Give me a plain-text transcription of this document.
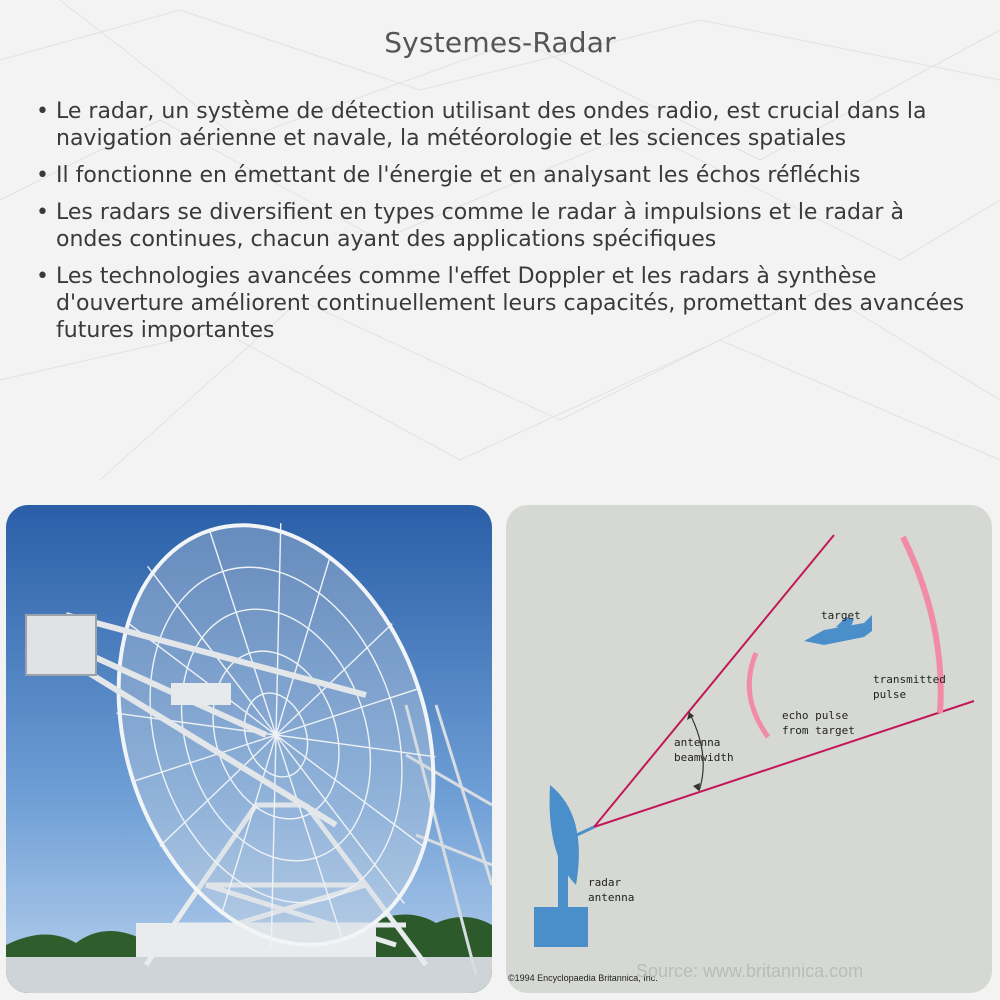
Systemes-Radar
• Le radar, un système de détection utilisant des ondes radio, est crucial dans la navigation aérienne et navale, la météorologie et les sciences spatiales
• Il fonctionne en émettant de l'énergie et en analysant les échos réfléchis
• Les radars se diversifient en types comme le radar à impulsions et le radar à ondes continues, chacun ayant des applications spécifiques
• Les technologies avancées comme l'effet Doppler et les radars à synthèse d'ouverture améliorent continuellement leurs capacités, promettant des avancées futures importantes
target
transmitted
pulse
echo pulse
from target
antenna
beamwidth
radar
antenna
©1994 Encyclopaedia Britannica, Inc.
Source: www.britannica.com
